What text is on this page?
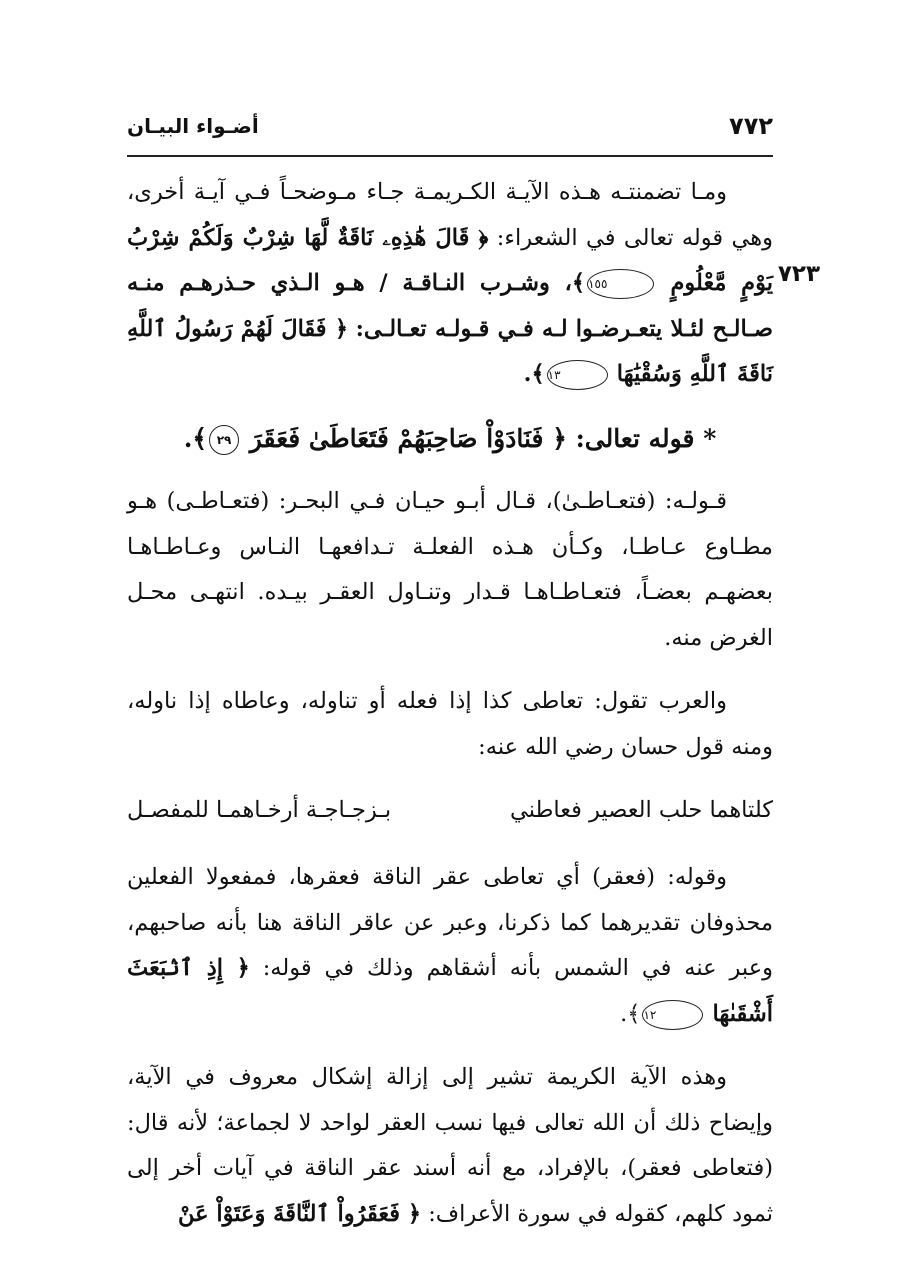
٧٧٢
أضـواء البيـان
٧٢٣

ومـا تضمنتـه هـذه الآيـة الكـريمـة جـاء مـوضحـاً فـي آيـة أخرى، وهي قوله تعالى في الشعراء: ﴿ قَالَ هَٰذِهِۦ نَاقَةٌ لَّهَا شِرْبٌ وَلَكُمْ شِرْبُ يَوْمٍ مَّعْلُومٍ ١٥٥﴾، وشـرب النـاقـة / هـو الـذي حـذرهـم منـه صـالـح لئـلا يتعـرضـوا لـه فـي قـولـه تعـالـى: ﴿ فَقَالَ لَهُمْ رَسُولُ ٱللَّهِ نَاقَةَ ٱللَّهِ وَسُقْيَٰهَا ١٣﴾.

* قوله تعالى: ﴿ فَنَادَوْاْ صَاحِبَهُمْ فَتَعَاطَىٰ فَعَقَرَ ٢٩﴾.

قـولـه: (فتعـاطـىٰ)، قـال أبـو حيـان فـي البحـر: (فتعـاطـى) هـو مطـاوع عـاطـا، وكـأن هـذه الفعلـة تـدافعهـا النـاس وعـاطـاهـا بعضهـم بعضـاً، فتعـاطـاهـا قـدار وتنـاول العقـر بيـده. انتهـى محـل الغرض منه.

والعرب تقول: تعاطى كذا إذا فعله أو تناوله، وعاطاه إذا ناوله، ومنه قول حسان رضي الله عنه:

كلتاهما حلب العصير فعاطني
بـزجـاجـة أرخـاهمـا للمفصـل

وقوله: (فعقر) أي تعاطى عقر الناقة فعقرها، فمفعولا الفعلين محذوفان تقديرهما كما ذكرنا، وعبر عن عاقر الناقة هنا بأنه صاحبهم، وعبر عنه في الشمس بأنه أشقاهم وذلك في قوله: ﴿ إِذِ ٱنۢبَعَثَ أَشْقَىٰهَا ١٢﴾.

وهذه الآية الكريمة تشير إلى إزالة إشكال معروف في الآية، وإيضاح ذلك أن الله تعالى فيها نسب العقر لواحد لا لجماعة؛ لأنه قال: (فتعاطى فعقر)، بالإفراد، مع أنه أسند عقر الناقة في آيات أخر إلى ثمود كلهم، كقوله في سورة الأعراف: ﴿ فَعَقَرُواْ ٱلنَّاقَةَ وَعَتَوْاْ عَنْ
